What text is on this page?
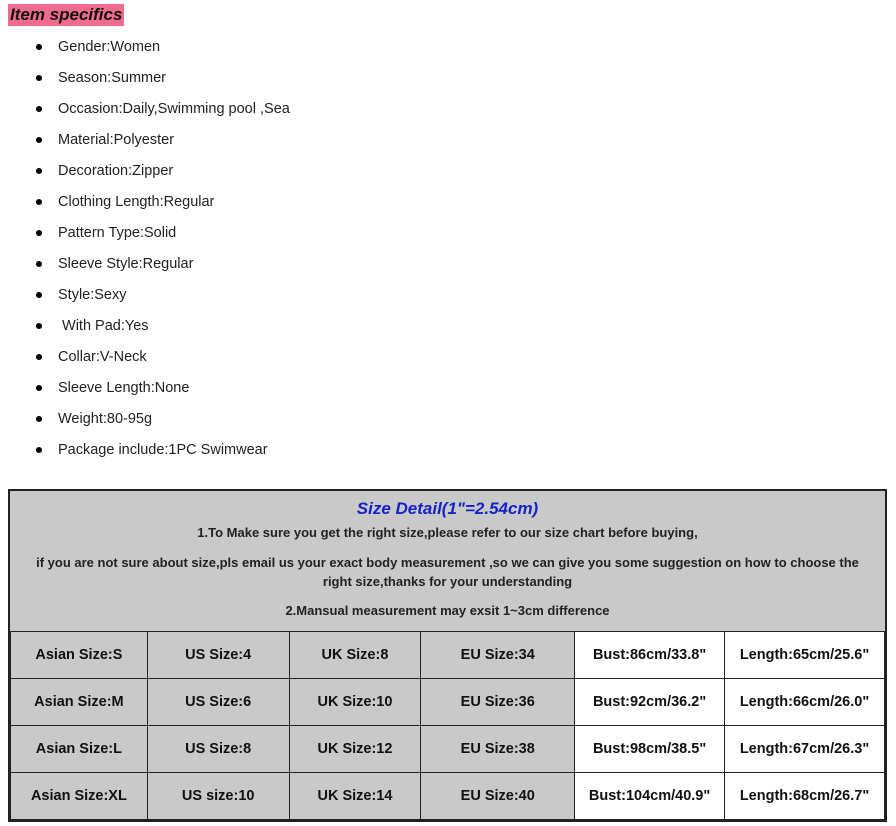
Item specifics
Gender:Women
Season:Summer
Occasion:Daily,Swimming pool ,Sea
Material:Polyester
Decoration:Zipper
Clothing Length:Regular
Pattern Type:Solid
Sleeve Style:Regular
Style:Sexy
With Pad:Yes
Collar:V-Neck
Sleeve Length:None
Weight:80-95g
Package include:1PC Swimwear
Size Detail(1"=2.54cm)
1.To Make sure you get the right size,please refer to our size chart before buying,
if you are not sure about size,pls email us your exact body measurement ,so we can give you some suggestion on how to choose the right size,thanks for your understanding
2.Mansual measurement may exsit 1~3cm difference
Asian Size:S	US Size:4	UK Size:8	EU Size:34	Bust:86cm/33.8"	Length:65cm/25.6"
Asian Size:M	US Size:6	UK Size:10	EU Size:36	Bust:92cm/36.2"	Length:66cm/26.0"
Asian Size:L	US Size:8	UK Size:12	EU Size:38	Bust:98cm/38.5"	Length:67cm/26.3"
Asian Size:XL	US size:10	UK Size:14	EU Size:40	Bust:104cm/40.9"	Length:68cm/26.7"
